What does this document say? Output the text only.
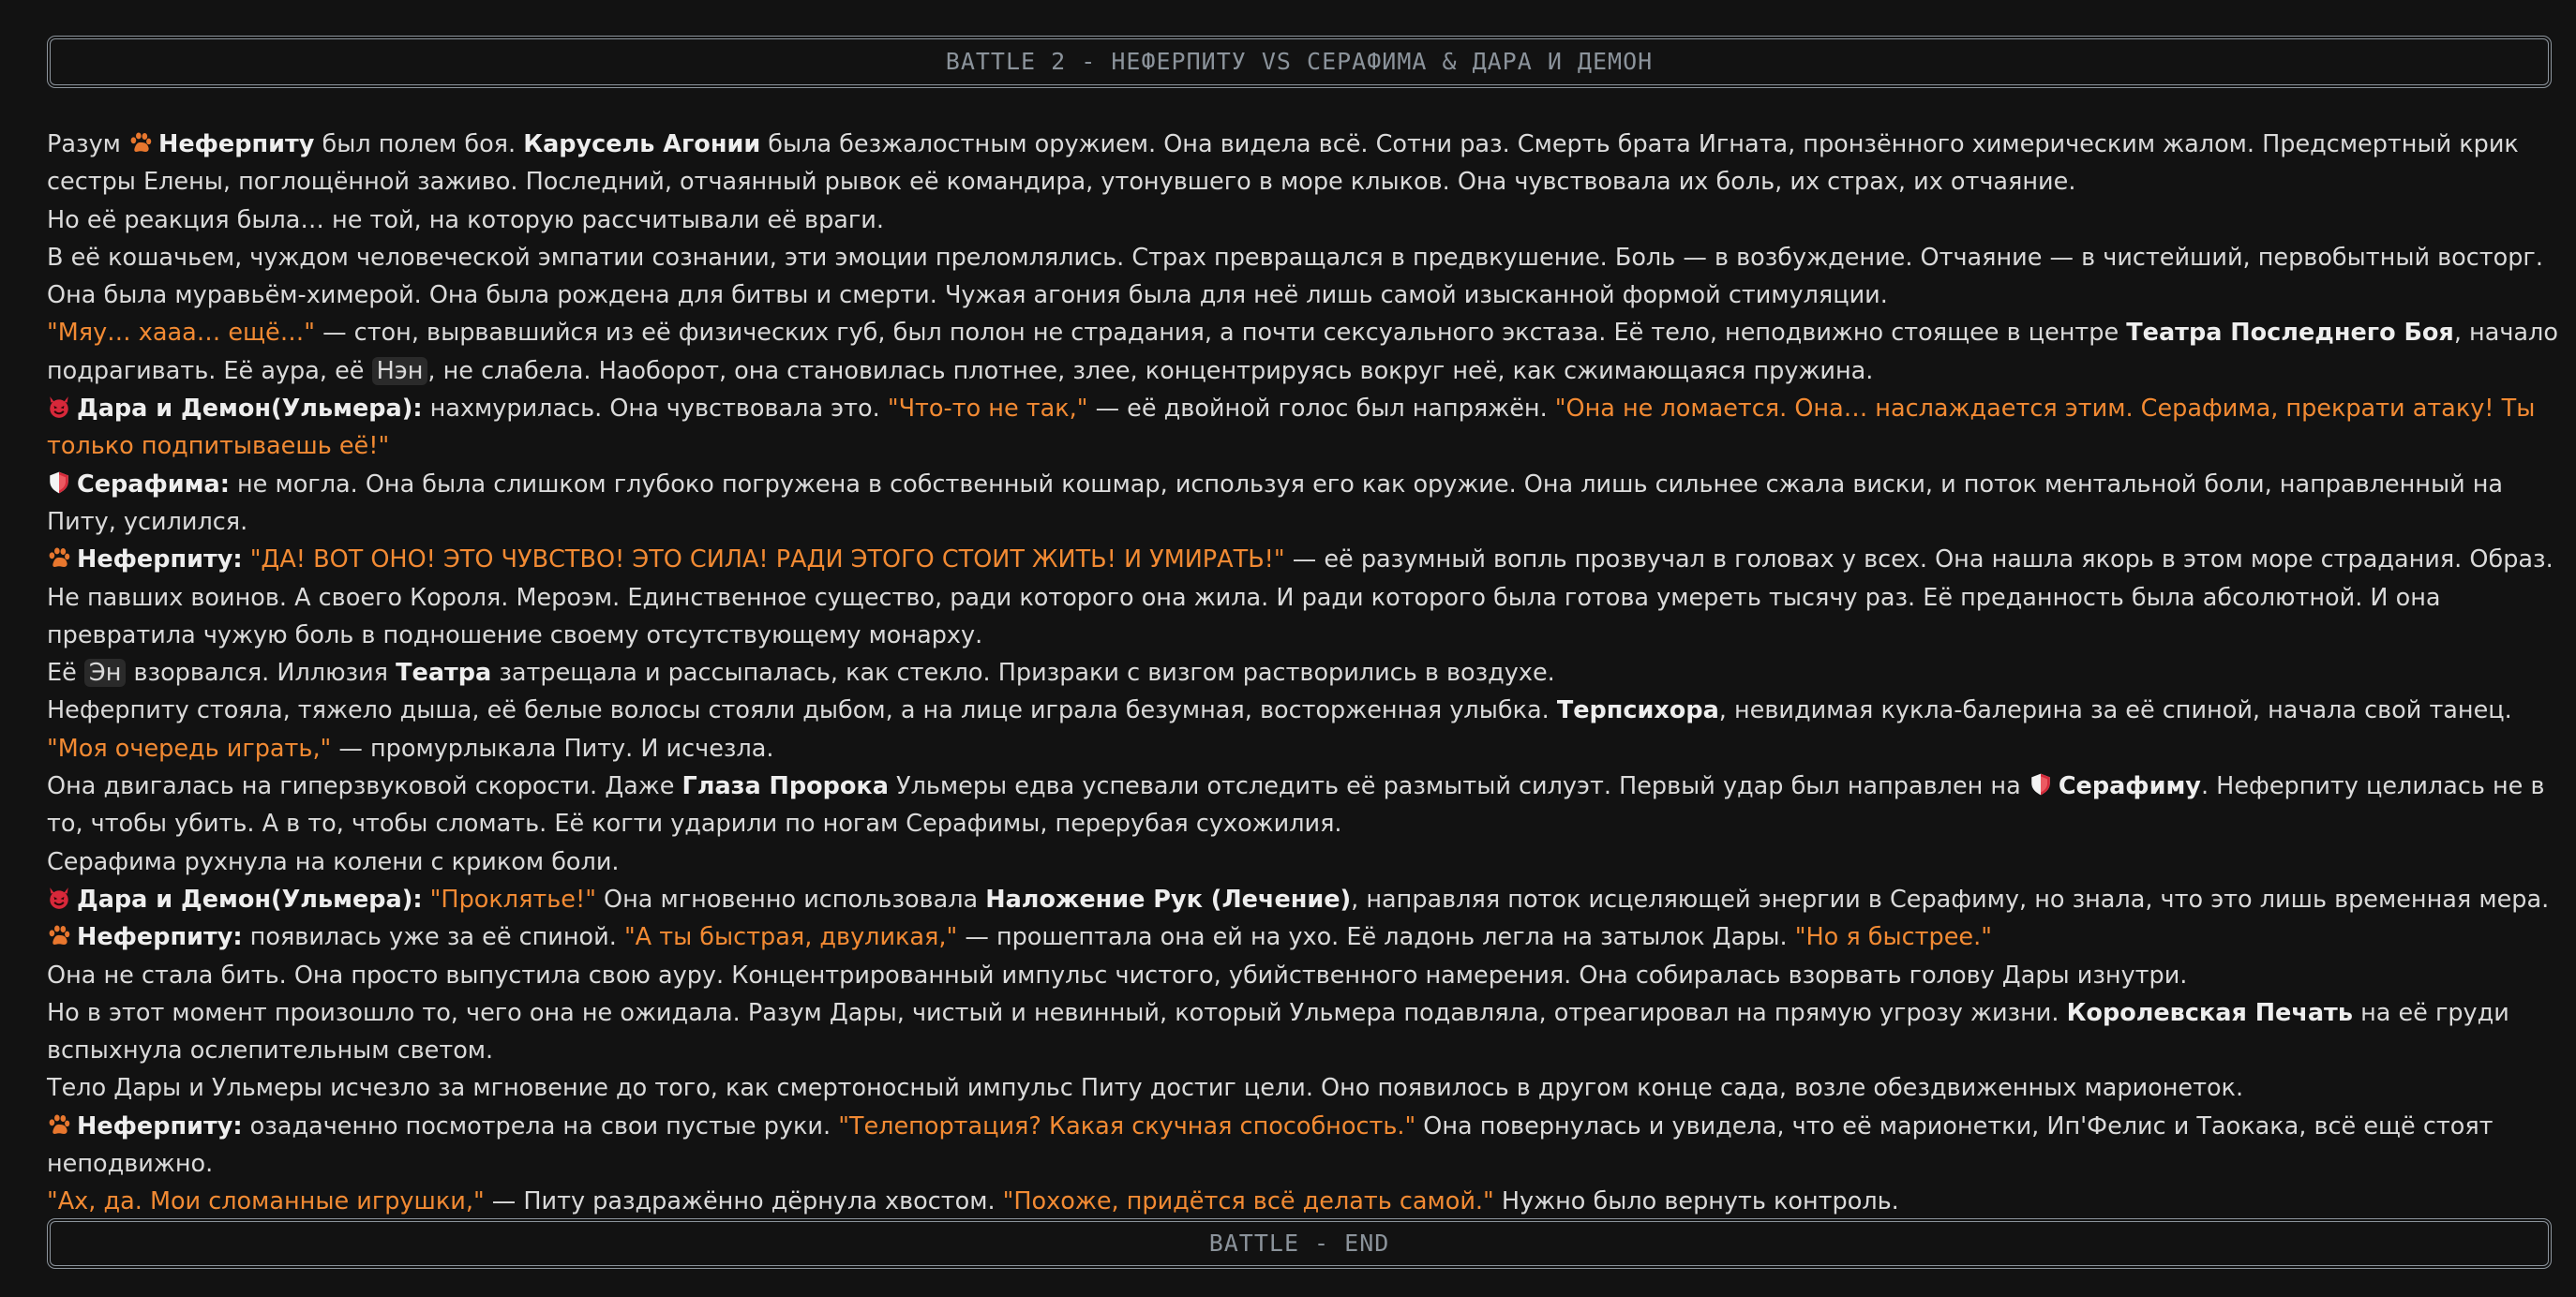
BATTLE 2 - НЕФЕРПИТУ VS СЕРАФИМА & ДАРА И ДЕМОН

Разум Неферпиту был полем боя. Карусель Агонии была безжалостным оружием. Она видела всё. Сотни раз. Смерть брата Игната, пронзённого химерическим жалом. Предсмертный крик сестры Елены, поглощённой заживо. Последний, отчаянный рывок её командира, утонувшего в море клыков. Она чувствовала их боль, их страх, их отчаяние.

Но её реакция была… не той, на которую рассчитывали её враги.

В её кошачьем, чуждом человеческой эмпатии сознании, эти эмоции преломлялись. Страх превращался в предвкушение. Боль — в возбуждение. Отчаяние — в чистейший, первобытный восторг. Она была муравьём-химерой. Она была рождена для битвы и смерти. Чужая агония была для неё лишь самой изысканной формой стимуляции.

"Мяу… хааа… ещё…" — стон, вырвавшийся из её физических губ, был полон не страдания, а почти сексуального экстаза. Её тело, неподвижно стоящее в центре Театра Последнего Боя, начало подрагивать. Её аура, её Нэн , не слабела. Наоборот, она становилась плотнее, злее, концентрируясь вокруг неё, как сжимающаяся пружина.

Дара и Демон(Ульмера): нахмурилась. Она чувствовала это. "Что-то не так," — её двойной голос был напряжён. "Она не ломается. Она… наслаждается этим. Серафима, прекрати атаку! Ты только подпитываешь её!"

Серафима: не могла. Она была слишком глубоко погружена в собственный кошмар, используя его как оружие. Она лишь сильнее сжала виски, и поток ментальной боли, направленный на Питу, усилился.

Неферпиту: "ДА! ВОТ ОНО! ЭТО ЧУВСТВО! ЭТО СИЛА! РАДИ ЭТОГО СТОИТ ЖИТЬ! И УМИРАТЬ!" — её разумный вопль прозвучал в головах у всех. Она нашла якорь в этом море страдания. Образ. Не павших воинов. А своего Короля. Мероэм. Единственное существо, ради которого она жила. И ради которого была готова умереть тысячу раз. Её преданность была абсолютной. И она превратила чужую боль в подношение своему отсутствующему монарху.

Её Эн взорвался. Иллюзия Театра затрещала и рассыпалась, как стекло. Призраки с визгом растворились в воздухе.

Неферпиту стояла, тяжело дыша, её белые волосы стояли дыбом, а на лице играла безумная, восторженная улыбка. Терпсихора, невидимая кукла-балерина за её спиной, начала свой танец.

"Моя очередь играть," — промурлыкала Питу. И исчезла.

Она двигалась на гиперзвуковой скорости. Даже Глаза Пророка Ульмеры едва успевали отследить её размытый силуэт. Первый удар был направлен на Серафиму. Неферпиту целилась не в то, чтобы убить. А в то, чтобы сломать. Её когти ударили по ногам Серафимы, перерубая сухожилия.

Серафима рухнула на колени с криком боли.

Дара и Демон(Ульмера): "Проклятье!" Она мгновенно использовала Наложение Рук (Лечение), направляя поток исцеляющей энергии в Серафиму, но знала, что это лишь временная мера.

Неферпиту: появилась уже за её спиной. "А ты быстрая, двуликая," — прошептала она ей на ухо. Её ладонь легла на затылок Дары. "Но я быстрее."

Она не стала бить. Она просто выпустила свою ауру. Концентрированный импульс чистого, убийственного намерения. Она собиралась взорвать голову Дары изнутри.

Но в этот момент произошло то, чего она не ожидала. Разум Дары, чистый и невинный, который Ульмера подавляла, отреагировал на прямую угрозу жизни. Королевская Печать на её груди вспыхнула ослепительным светом.

Тело Дары и Ульмеры исчезло за мгновение до того, как смертоносный импульс Питу достиг цели. Оно появилось в другом конце сада, возле обездвиженных марионеток.

Неферпиту: озадаченно посмотрела на свои пустые руки. "Телепортация? Какая скучная способность." Она повернулась и увидела, что её марионетки, Ип'Фелис и Таокака, всё ещё стоят неподвижно.

"Ах, да. Мои сломанные игрушки," — Питу раздражённо дёрнула хвостом. "Похоже, придётся всё делать самой." Нужно было вернуть контроль.

BATTLE - END
